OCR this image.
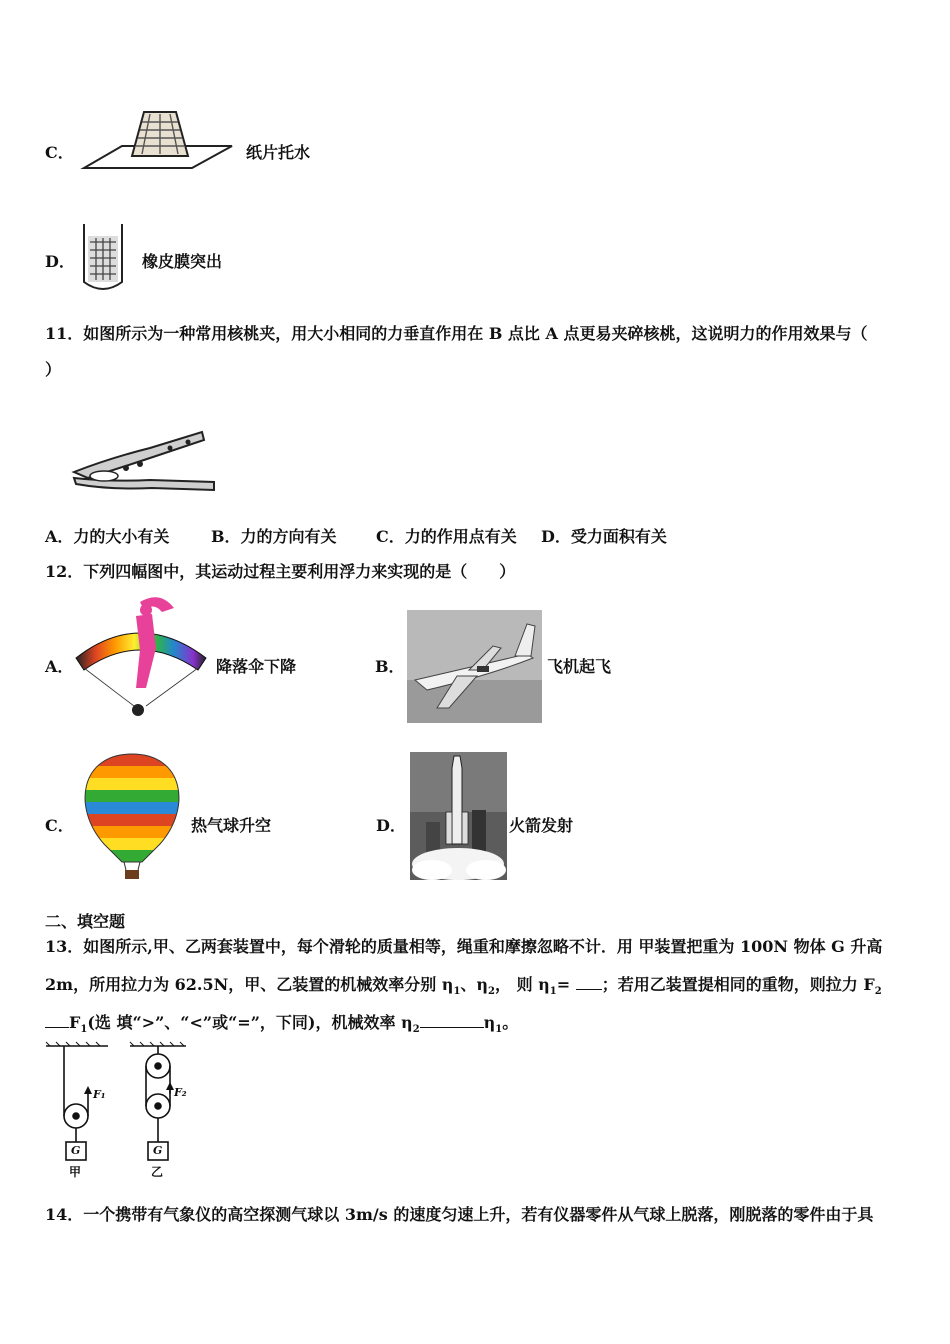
C．	纸片托水
D．	橡皮膜突出
11．如图所示为一种常用核桃夹，用大小相同的力垂直作用在 B 点比 A 点更易夹碎核桃，这说明力的作用效果与（
）
A．力的大小有关	B．力的方向有关 C．力的作用点有关 D．受力面积有关
12．下列四幅图中，其运动过程主要利用浮力来实现的是（　　）
A．	降落伞下降	B．	飞机起飞
C．	热气球升空	D．	火箭发射
二、填空题
13．如图所示,甲、乙两套装置中，每个滑轮的质量相等，绳重和摩擦忽略不计．用 甲装置把重为 100N 物体 G 升高
2m，所用拉力为 62.5N，甲、乙装置的机械效率分别 $\eta_1$、$\eta_2$， 则 $\eta_1=$ ；若用乙装置提相同的重物，则拉力 $F_2$
$F_1$(选 填“>”、“<”或“=”，下同)，机械效率 $\eta_2$	$\eta_1$。
G	G
F₁	F₂
甲	乙
14．一个携带有气象仪的高空探测气球以 3m/s 的速度匀速上升，若有仪器零件从气球上脱落，刚脱落的零件由于具
